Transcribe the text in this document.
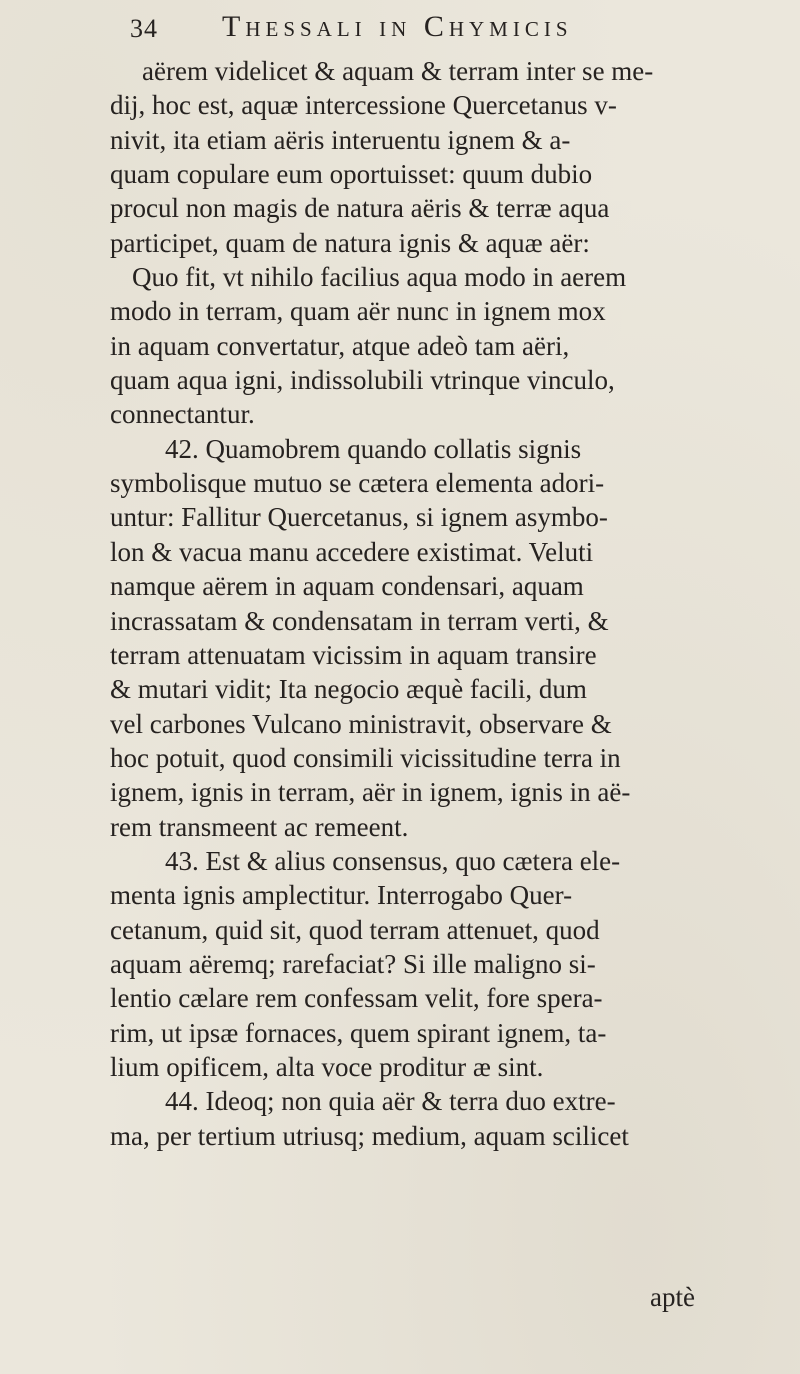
34 Thessali in Chymicis
aërem videlicet & aquam & terram inter se me-
dij, hoc est, aquæ intercessione Quercetanus v-
nivit, ita etiam aëris interuentu ignem & a-
quam copulare eum oportuisset: quum dubio
procul non magis de natura aëris & terræ aqua
participet, quam de natura ignis & aquæ aër:
Quo fit, vt nihilo facilius aqua modo in aerem
modo in terram, quam aër nunc in ignem mox
in aquam convertatur, atque adeò tam aëri,
quam aqua igni, indissolubili vtrinque vinculo,
connectantur.
42. Quamobrem quando collatis signis
symbolisque mutuo se cætera elementa adori-
untur: Fallitur Quercetanus, si ignem asymbo-
lon & vacua manu accedere existimat. Veluti
namque aërem in aquam condensari, aquam
incrassatam & condensatam in terram verti, &
terram attenuatam vicissim in aquam transire
& mutari vidit; Ita negocio æquè facili, dum
vel carbones Vulcano ministravit, observare &
hoc potuit, quod consimili vicissitudine terra in
ignem, ignis in terram, aër in ignem, ignis in aë-
rem transmeent ac remeent.
43. Est & alius consensus, quo cætera ele-
menta ignis amplectitur. Interrogabo Quer-
cetanum, quid sit, quod terram attenuet, quod
aquam aëremq; rarefaciat? Si ille maligno si-
lentio cælare rem confessam velit, fore spera-
rim, ut ipsæ fornaces, quem spirant ignem, ta-
lium opificem, alta voce proditur æ sint.
44. Ideoq; non quia aër & terra duo extre-
ma, per tertium utriusq; medium, aquam scilicet
aptè
